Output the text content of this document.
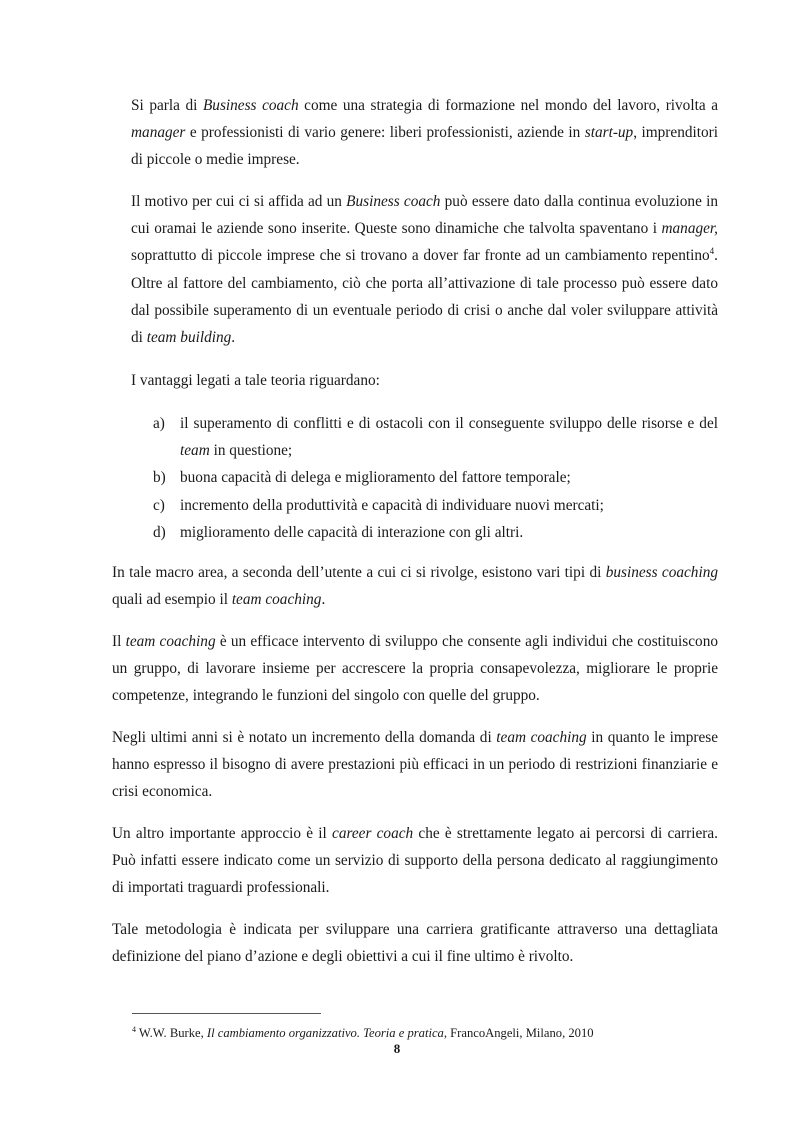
Si parla di Business coach come una strategia di formazione nel mondo del lavoro, rivolta a manager e professionisti di vario genere: liberi professionisti, aziende in start-up, imprenditori di piccole o medie imprese.

Il motivo per cui ci si affida ad un Business coach può essere dato dalla continua evoluzione in cui oramai le aziende sono inserite. Queste sono dinamiche che talvolta spaventano i manager, soprattutto di piccole imprese che si trovano a dover far fronte ad un cambiamento repentino$^4$. Oltre al fattore del cambiamento, ciò che porta all’attivazione di tale processo può essere dato dal possibile superamento di un eventuale periodo di crisi o anche dal voler sviluppare attività di team building.

I vantaggi legati a tale teoria riguardano:

a) il superamento di conflitti e di ostacoli con il conseguente sviluppo delle risorse e del team in questione;
b) buona capacità di delega e miglioramento del fattore temporale;
c) incremento della produttività e capacità di individuare nuovi mercati;
d) miglioramento delle capacità di interazione con gli altri.

In tale macro area, a seconda dell’utente a cui ci si rivolge, esistono vari tipi di business coaching quali ad esempio il team coaching.

Il team coaching è un efficace intervento di sviluppo che consente agli individui che costituiscono un gruppo, di lavorare insieme per accrescere la propria consapevolezza, migliorare le proprie competenze, integrando le funzioni del singolo con quelle del gruppo.

Negli ultimi anni si è notato un incremento della domanda di team coaching in quanto le imprese hanno espresso il bisogno di avere prestazioni più efficaci in un periodo di restrizioni finanziarie e crisi economica.

Un altro importante approccio è il career coach che è strettamente legato ai percorsi di carriera. Può infatti essere indicato come un servizio di supporto della persona dedicato al raggiungimento di importati traguardi professionali.

Tale metodologia è indicata per sviluppare una carriera gratificante attraverso una dettagliata definizione del piano d’azione e degli obiettivi a cui il fine ultimo è rivolto.

$^4$ W.W. Burke, Il cambiamento organizzativo. Teoria e pratica, FrancoAngeli, Milano, 2010
8
